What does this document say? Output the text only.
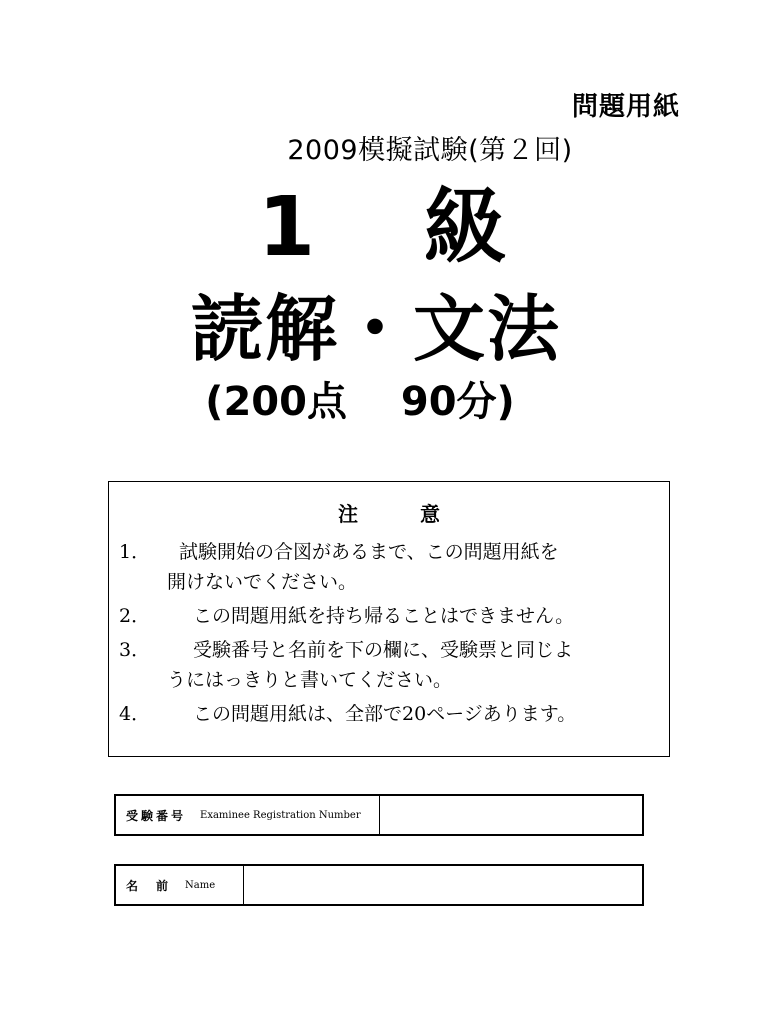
問題用紙
2009模擬試験(第２回)
1 級
読解・文法
(200点　 90分)
注	意
1．	試験開始の合図があるまで、この問題用紙を
開けないでください。
2．	この問題用紙を持ち帰ることはできません。
3．	受験番号と名前を下の欄に、受験票と同じよ
うにはっきりと書いてください。
4．	この問題用紙は、全部で20ページあります。
受験番号 Examinee Registration Number
名　前 Name
